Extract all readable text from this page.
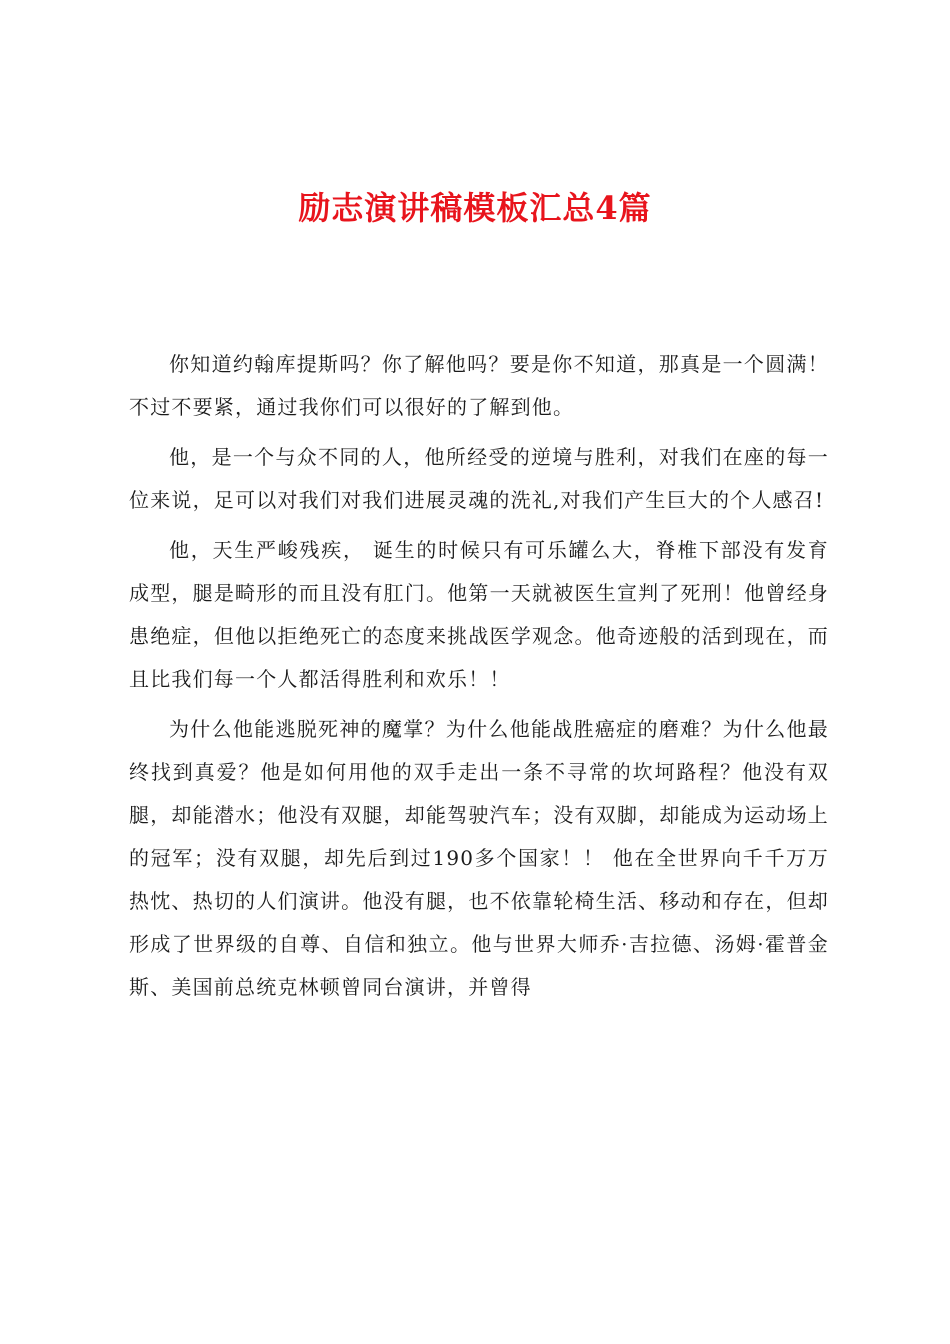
励志演讲稿模板汇总4篇

你知道约翰库提斯吗？你了解他吗？要是你不知道，那真是一个圆满！不过不要紧，通过我你们可以很好的了解到他。

他，是一个与众不同的人，他所经受的逆境与胜利，对我们在座的每一位来说，足可以对我们对我们进展灵魂的洗礼,对我们产生巨大的个人感召!

他，天生严峻残疾， 诞生的时候只有可乐罐么大，脊椎下部没有发育成型，腿是畸形的而且没有肛门。他第一天就被医生宣判了死刑！他曾经身患绝症，但他以拒绝死亡的态度来挑战医学观念。他奇迹般的活到现在，而且比我们每一个人都活得胜利和欢乐！！

为什么他能逃脱死神的魔掌？为什么他能战胜癌症的磨难？为什么他最终找到真爱？他是如何用他的双手走出一条不寻常的坎坷路程？他没有双腿，却能潜水；他没有双腿，却能驾驶汽车；没有双脚，却能成为运动场上的冠军；没有双腿，却先后到过190多个国家！！ 他在全世界向千千万万热忱、热切的人们演讲。他没有腿，也不依靠轮椅生活、移动和存在，但却形成了世界级的自尊、自信和独立。他与世界大师乔·吉拉德、汤姆·霍普金斯、美国前总统克林顿曾同台演讲，并曾得
